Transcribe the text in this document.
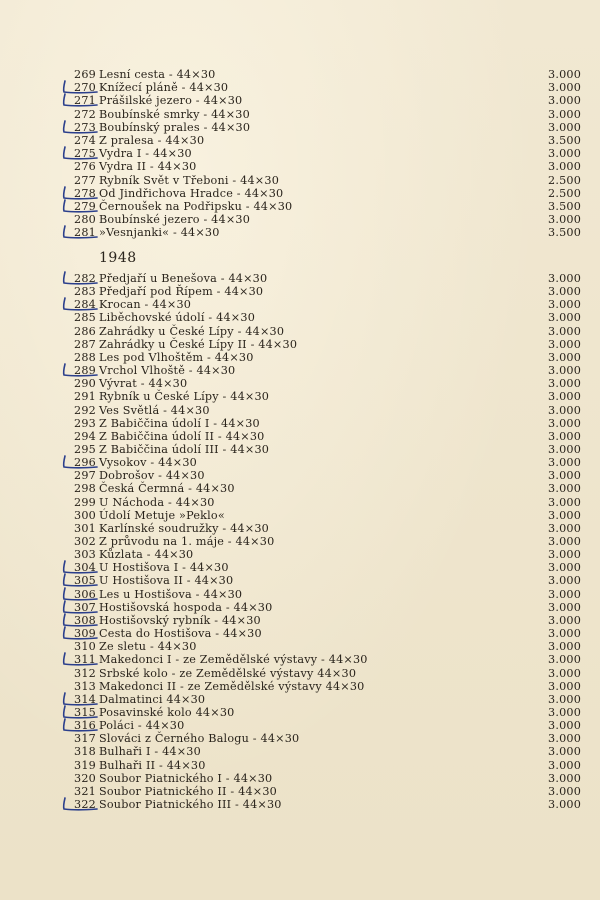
269 Lesní cesta - 44×30	3.000
270 Knížecí pláně - 44×30	3.000
271 Prášilské jezero - 44×30	3.000
272 Boubínské smrky - 44×30	3.000
273 Boubínský prales - 44×30	3.000
274 Z pralesa - 44×30	3.500
275 Vydra I - 44×30	3.000
276 Vydra II - 44×30	3.000
277 Rybník Svět v Třeboni - 44×30	2.500
278 Od Jindřichova Hradce - 44×30	2.500
279 Černoušek na Podřipsku - 44×30	3.500
280 Boubínské jezero - 44×30	3.000
281 »Vesnjanki« - 44×30	3.500
1948
282 Předjaří u Benešova - 44×30	3.000
283 Předjaří pod Řípem - 44×30	3.000
284 Krocan - 44×30	3.000
285 Liběchovské údolí - 44×30	3.000
286 Zahrádky u České Lípy - 44×30	3.000
287 Zahrádky u České Lípy II - 44×30	3.000
288 Les pod Vlhoštěm - 44×30	3.000
289 Vrchol Vlhoště - 44×30	3.000
290 Vývrat - 44×30	3.000
291 Rybník u České Lípy - 44×30	3.000
292 Ves Světlá - 44×30	3.000
293 Z Babiččina údolí I - 44×30	3.000
294 Z Babiččina údolí II - 44×30	3.000
295 Z Babiččina údolí III - 44×30	3.000
296 Vysokov - 44×30	3.000
297 Dobrošov - 44×30	3.000
298 Česká Čermná - 44×30	3.000
299 U Náchoda - 44×30	3.000
300 Údolí Metuje »Peklo«	3.000
301 Karlínské soudružky - 44×30	3.000
302 Z průvodu na 1. máje - 44×30	3.000
303 Kůzlata - 44×30	3.000
304 U Hostišova I - 44×30	3.000
305 U Hostišova II - 44×30	3.000
306 Les u Hostišova - 44×30	3.000
307 Hostišovská hospoda - 44×30	3.000
308 Hostišovský rybník - 44×30	3.000
309 Cesta do Hostišova - 44×30	3.000
310 Ze sletu - 44×30	3.000
311 Makedonci I - ze Zemědělské výstavy - 44×30	3.000
312 Srbské kolo - ze Zemědělské výstavy 44×30	3.000
313 Makedonci II - ze Zemědělské výstavy 44×30	3.000
314 Dalmatinci 44×30	3.000
315 Posavinské kolo 44×30	3.000
316 Poláci - 44×30	3.000
317 Slováci z Černého Balogu - 44×30	3.000
318 Bulhaři I - 44×30	3.000
319 Bulhaři II - 44×30	3.000
320 Soubor Piatnického I - 44×30	3.000
321 Soubor Piatnického II - 44×30	3.000
322 Soubor Piatnického III - 44×30	3.000
